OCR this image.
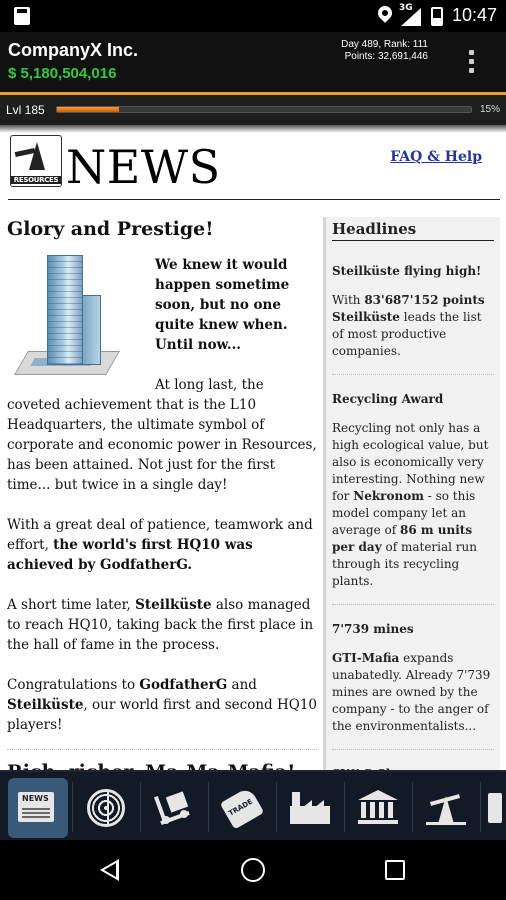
3G 10:47
CompanyX Inc.
$ 5,180,504,016
Day 489, Rank: 111
Points: 32,691,446
Lvl 185	15%
RESOURCES NEWS	FAQ & Help
Glory and Prestige!

We knew it would happen sometime soon, but no one quite knew when. Until now...

At long last, the coveted achievement that is the L10 Headquarters, the ultimate symbol of corporate and economic power in Resources, has been attained. Not just for the first time... but twice in a single day!

With a great deal of patience, teamwork and effort, the world's first HQ10 was achieved by GodfatherG.

A short time later, Steilküste also managed to reach HQ10, taking back the first place in the hall of fame in the process.

Congratulations to GodfatherG and Steilküste, our world first and second HQ10 players!

Headlines
Steilküste flying high!
With 83'687'152 points Steilküste leads the list of most productive companies.
Recycling Award
Recycling not only has a high ecological value, but also is economically very interesting. Nothing new for Nekronom - so this model company let an average of 86 m units per day of material run through its recycling plants.
7'739 mines
GTI-Mafia expands unabatedly. Already 7'739 mines are owned by the company - to the anger of the environmentalists...
NEWS
TRADE
